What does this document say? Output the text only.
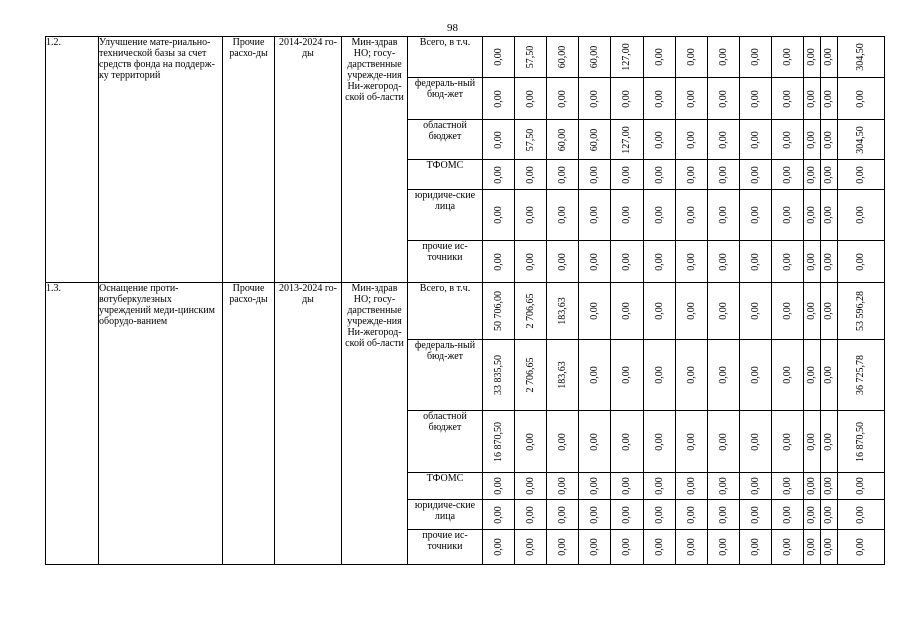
98
1.2.	Улучшение мате-риально-технической базы за счет средств фонда на поддерж-ку территорий	Прочие расхо-ды	2014-2024 го-ды	Мин-здрав НО; госу-дарственные учрежде-ния Ни-жегород-ской об-ласти	Всего, в т.ч.	0,00	57,50	60,00	60,00	127,00	0,00	0,00	0,00	0,00	0,00	0,00	0,00	304,50

					федераль-ный бюд-жет	0,00	0,00	0,00	0,00	0,00	0,00	0,00	0,00	0,00	0,00	0,00	0,00	0,00

					областной бюджет	0,00	57,50	60,00	60,00	127,00	0,00	0,00	0,00	0,00	0,00	0,00	0,00	304,50

					ТФОМС	0,00	0,00	0,00	0,00	0,00	0,00	0,00	0,00	0,00	0,00	0,00	0,00	0,00

					юридиче-ские лица	0,00	0,00	0,00	0,00	0,00	0,00	0,00	0,00	0,00	0,00	0,00	0,00	0,00

					прочие ис-точники	0,00	0,00	0,00	0,00	0,00	0,00	0,00	0,00	0,00	0,00	0,00	0,00	0,00

1.3.	Оснащение проти-вотуберкулезных учреждений меди-цинским оборудо-ванием	Прочие расхо-ды	2013-2024 го-ды	Мин-здрав НО; госу-дарственные учрежде-ния Ни-жегород-ской об-ласти	Всего, в т.ч.	50 706,00	2 706,65	183,63	0,00	0,00	0,00	0,00	0,00	0,00	0,00	0,00	0,00	53 596,28

					федераль-ный бюд-жет	33 835,50	2 706,65	183,63	0,00	0,00	0,00	0,00	0,00	0,00	0,00	0,00	0,00	36 725,78

					областной бюджет	16 870,50	0,00	0,00	0,00	0,00	0,00	0,00	0,00	0,00	0,00	0,00	0,00	16 870,50

					ТФОМС	0,00	0,00	0,00	0,00	0,00	0,00	0,00	0,00	0,00	0,00	0,00	0,00	0,00

					юридиче-ские лица	0,00	0,00	0,00	0,00	0,00	0,00	0,00	0,00	0,00	0,00	0,00	0,00	0,00

					прочие ис-точники	0,00	0,00	0,00	0,00	0,00	0,00	0,00	0,00	0,00	0,00	0,00	0,00	0,00
